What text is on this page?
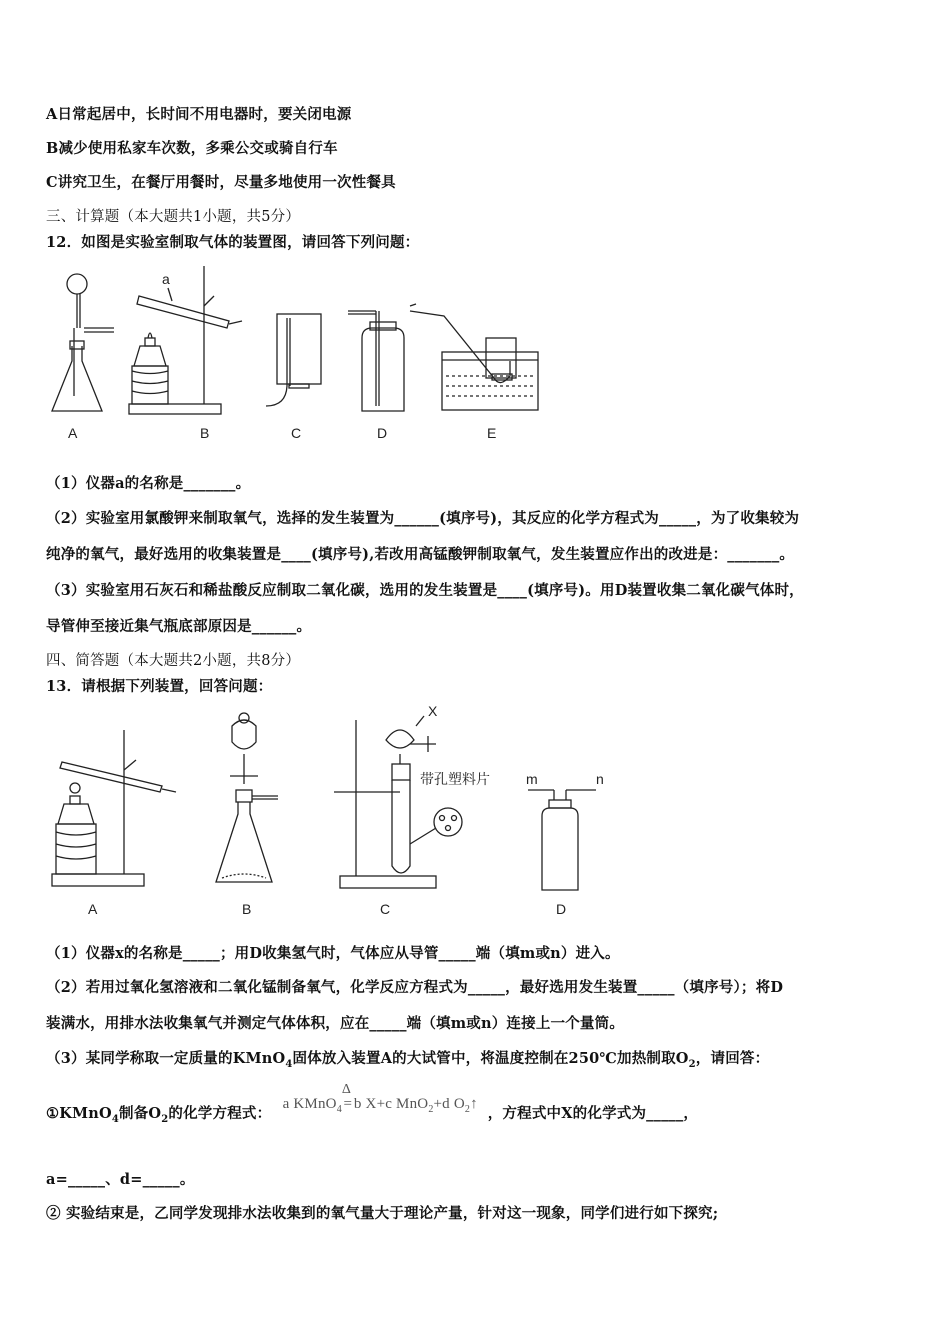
A日常起居中，长时间不用电器时，要关闭电源
B减少使用私家车次数，多乘公交或骑自行车
C讲究卫生，在餐厅用餐时，尽量多地使用一次性餐具
三、计算题（本大题共1小题，共5分）
12．如图是实验室制取气体的装置图，请回答下列问题：
a
A	B	C	D	E
（1）仪器a的名称是_______。
（2）实验室用氯酸钾来制取氧气，选择的发生装置为______(填序号)，其反应的化学方程式为_____，为了收集较为
纯净的氧气，最好选用的收集装置是____(填序号),若改用高锰酸钾制取氧气，发生装置应作出的改进是：_______。
（3）实验室用石灰石和稀盐酸反应制取二氧化碳，选用的发生装置是____(填序号)。用D装置收集二氧化碳气体时，
导管伸至接近集气瓶底部原因是______。
四、简答题（本大题共2小题，共8分）
13．请根据下列装置，回答问题：
X
带孔塑料片	m	n
A	B	C	D
（1）仪器x的名称是_____；用D收集氢气时，气体应从导管_____端（填m或n）进入。
（2）若用过氧化氢溶液和二氧化锰制备氧气，化学反应方程式为_____，最好选用发生装置_____（填序号）；将D
装满水，用排水法收集氧气并测定气体体积，应在_____端（填m或n）连接上一个量筒。
（3）某同学称取一定质量的KMnO$_4$固体放入装置A的大试管中，将温度控制在250℃加热制取$O_2$，请回答：
①KMnO$_4$制备$O_2$的化学方程式： a KMnO$_4$
Δ
= b X+c MnO$_2$+d $O_2↑$ ，方程式中X的化学式为_____，
a=_____、d=_____。
② 实验结束是，乙同学发现排水法收集到的氧气量大于理论产量，针对这一现象，同学们进行如下探究;
